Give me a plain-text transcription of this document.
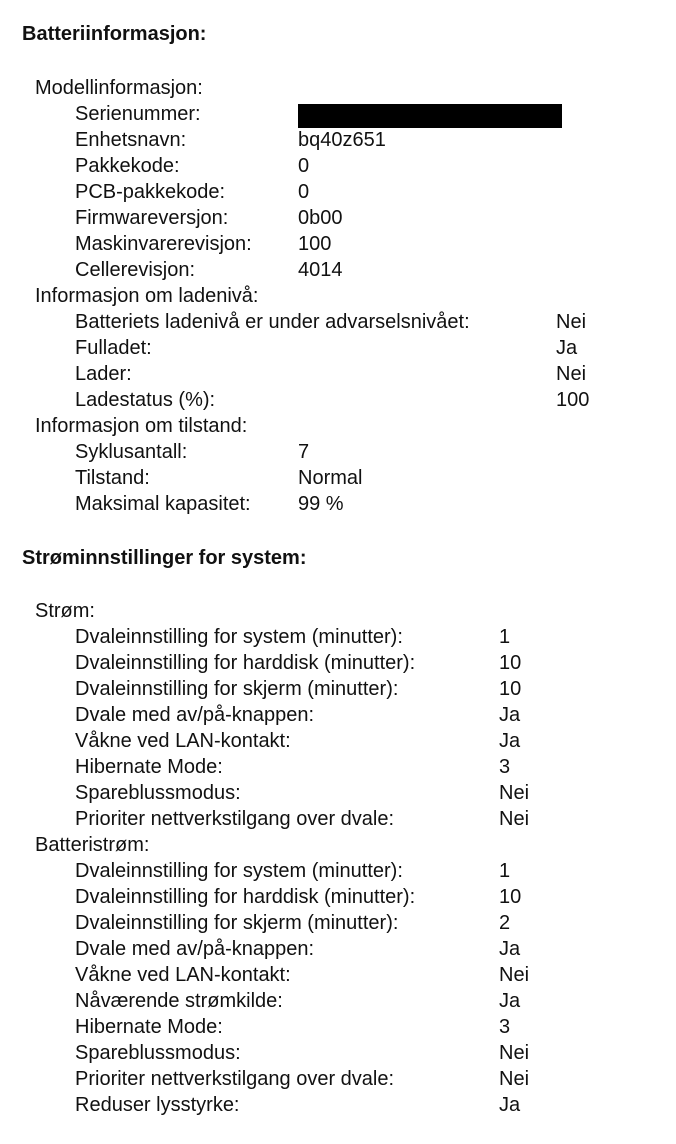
Batteriinformasjon:
Modellinformasjon:
Serienummer:
Enhetsnavn:	bq40z651
Pakkekode:	0
PCB-pakkekode:	0
Firmwareversjon:	0b00
Maskinvarerevisjon: 100
Cellerevisjon:	4014
Informasjon om ladenivå:
Batteriets ladenivå er under advarselsnivået:	Nei
Fulladet:	Ja
Lader:	Nei
Ladestatus (%):	100
Informasjon om tilstand:
Syklusantall:	7
Tilstand:	Normal
Maksimal kapasitet: 99 %
Strøminnstillinger for system:
Strøm:
Dvaleinnstilling for system (minutter):	1
Dvaleinnstilling for harddisk (minutter):	10
Dvaleinnstilling for skjerm (minutter):	10
Dvale med av/på-knappen:	Ja
Våkne ved LAN-kontakt:	Ja
Hibernate Mode:	3
Spareblussmodus:	Nei
Prioriter nettverkstilgang over dvale:	Nei
Batteristrøm:
Dvaleinnstilling for system (minutter):	1
Dvaleinnstilling for harddisk (minutter):	10
Dvaleinnstilling for skjerm (minutter):	2
Dvale med av/på-knappen:	Ja
Våkne ved LAN-kontakt:	Nei
Nåværende strømkilde:	Ja
Hibernate Mode:	3
Spareblussmodus:	Nei
Prioriter nettverkstilgang over dvale:	Nei
Reduser lysstyrke:	Ja
